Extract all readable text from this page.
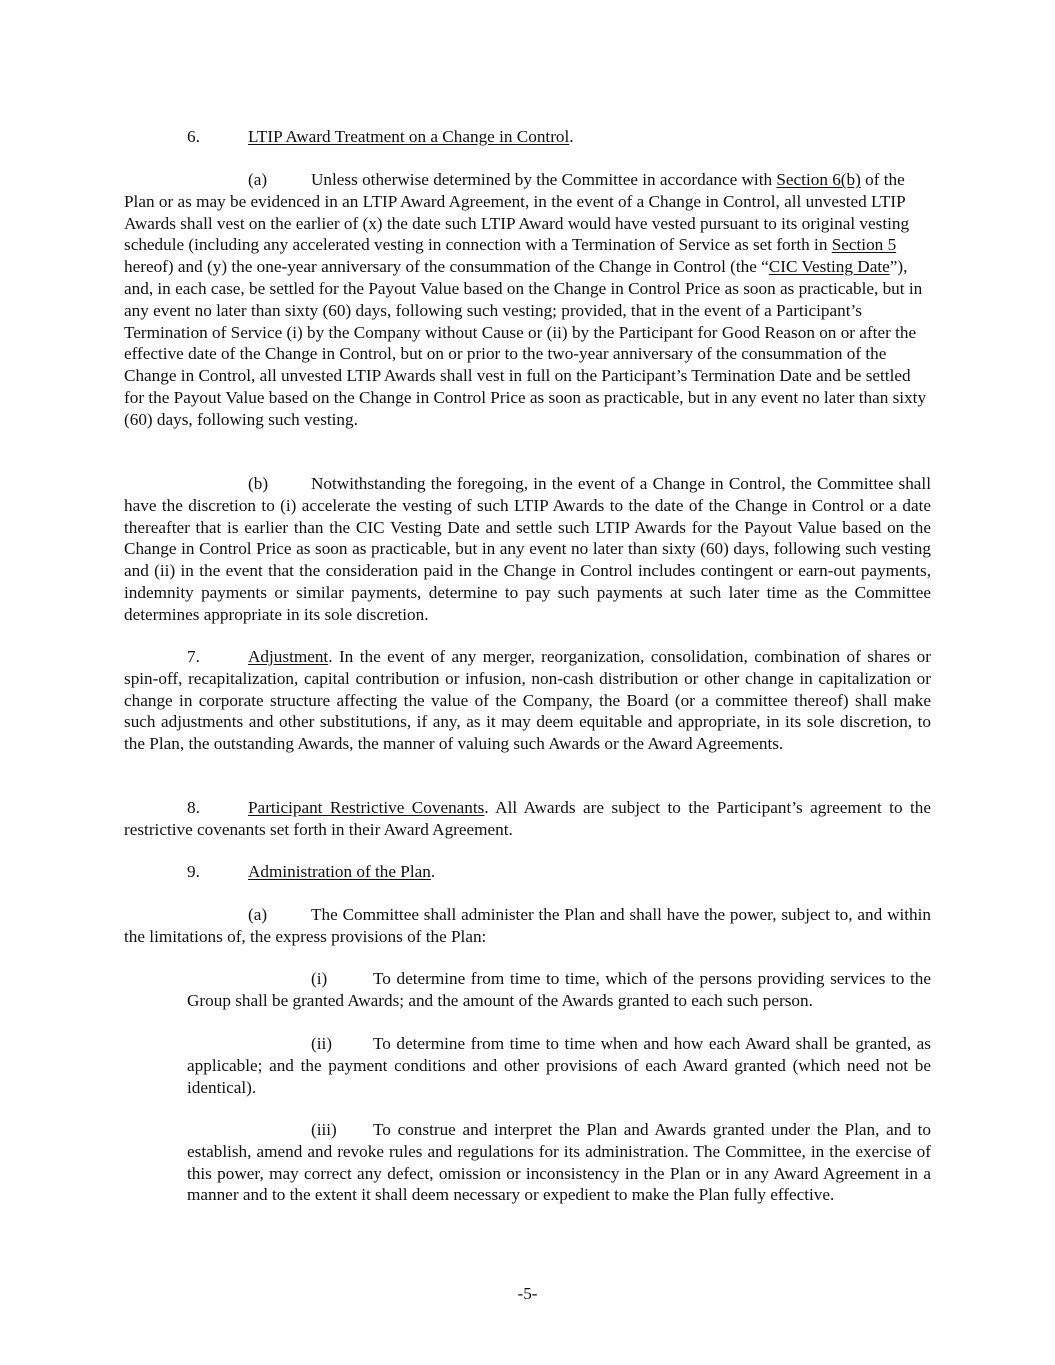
6.	LTIP Award Treatment on a Change in Control.

(a)	Unless otherwise determined by the Committee in accordance with Section 6(b) of the Plan or as may be evidenced in an LTIP Award Agreement, in the event of a Change in Control, all unvested LTIP Awards shall vest on the earlier of (x) the date such LTIP Award would have vested pursuant to its original vesting schedule (including any accelerated vesting in connection with a Termination of Service as set forth in Section 5 hereof) and (y) the one-year anniversary of the consummation of the Change in Control (the “CIC Vesting Date”), and, in each case, be settled for the Payout Value based on the Change in Control Price as soon as practicable, but in any event no later than sixty (60) days, following such vesting; provided, that in the event of a Participant’s Termination of Service (i) by the Company without Cause or (ii) by the Participant for Good Reason on or after the effective date of the Change in Control, but on or prior to the two-year anniversary of the consummation of the Change in Control, all unvested LTIP Awards shall vest in full on the Participant’s Termination Date and be settled for the Payout Value based on the Change in Control Price as soon as practicable, but in any event no later than sixty (60) days, following such vesting.

(b) Notwithstanding the foregoing, in the event of a Change in Control, the Committee shall have the discretion to (i) accelerate the vesting of such LTIP Awards to the date of the Change in Control or a date thereafter that is earlier than the CIC Vesting Date and settle such LTIP Awards for the Payout Value based on the Change in Control Price as soon as practicable, but in any event no later than sixty (60) days, following such vesting and (ii) in the event that the consideration paid in the Change in Control includes contingent or earn-out payments, indemnity payments or similar payments, determine to pay such payments at such later time as the Committee determines appropriate in its sole discretion.

7.	Adjustment. In the event of any merger, reorganization, consolidation, combination of shares or spin-off, recapitalization, capital contribution or infusion, non-cash distribution or other change in capitalization or change in corporate structure affecting the value of the Company, the Board (or a committee thereof) shall make such adjustments and other substitutions, if any, as it may deem equitable and appropriate, in its sole discretion, to the Plan, the outstanding Awards, the manner of valuing such Awards or the Award Agreements.

8.	Participant Restrictive Covenants. All Awards are subject to the Participant’s agreement to the restrictive covenants set forth in their Award Agreement.

9.	Administration of the Plan.

(a)	The Committee shall administer the Plan and shall have the power, subject to, and within the limitations of, the express provisions of the Plan:

(i)	To determine from time to time, which of the persons providing services to the Group shall be granted Awards; and the amount of the Awards granted to each such person.

(ii) To determine from time to time when and how each Award shall be granted, as applicable; and the payment conditions and other provisions of each Award granted (which need not be identical).

(iii) To construe and interpret the Plan and Awards granted under the Plan, and to establish, amend and revoke rules and regulations for its administration. The Committee, in the exercise of this power, may correct any defect, omission or inconsistency in the Plan or in any Award Agreement in a manner and to the extent it shall deem necessary or expedient to make the Plan fully effective.

-5-
